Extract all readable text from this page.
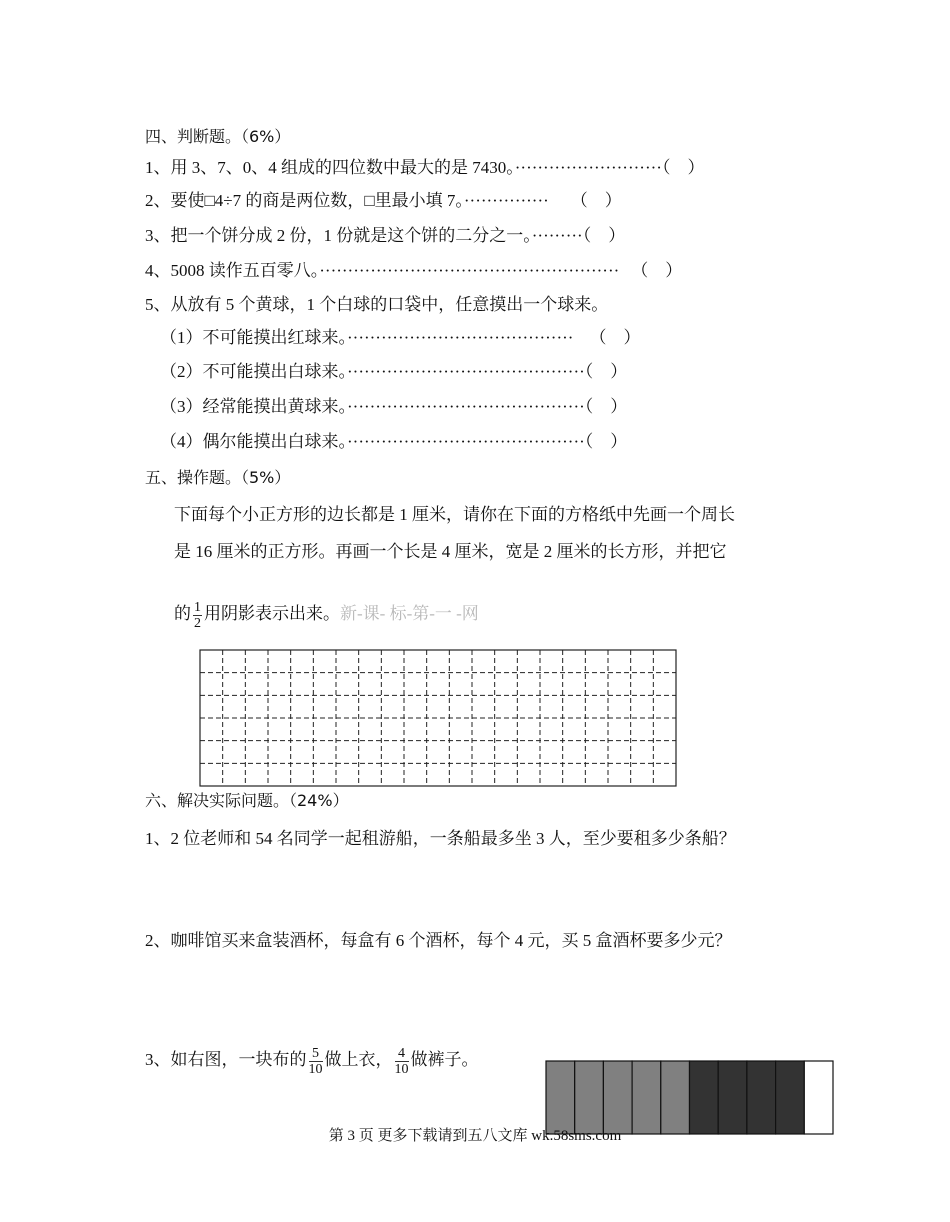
四、判断题。（6%）
1、用 3、7、0、4 组成的四位数中最大的是 7430。··························（　）
2、要使□4÷7 的商是两位数，□里最小填 7。··············· （　）
3、把一个饼分成 2 份，1 份就是这个饼的二分之一。·········（　）
4、5008 读作五百零八。····················································· （　）
5、从放有 5 个黄球，1 个白球的口袋中，任意摸出一个球来。
（1）不可能摸出红球来。········································ （　）
（2）不可能摸出白球来。··········································（　）
（3）经常能摸出黄球来。··········································（　）
（4）偶尔能摸出白球来。··········································（　）
五、操作题。（5%）
下面每个小正方形的边长都是 1 厘米，请你在下面的方格纸中先画一个周长
是 16 厘米的正方形。再画一个长是 4 厘米，宽是 2 厘米的长方形，并把它
的 $\frac{1}{2}$ 用阴影表示出来。新-课- 标-第-一 -网
六、解决实际问题。（24%）
1、2 位老师和 54 名同学一起租游船，一条船最多坐 3 人，至少要租多少条船？
2、咖啡馆买来盒装酒杯，每盒有 6 个酒杯，每个 4 元，买 5 盒酒杯要多少元？
3、如右图，一块布的 $\frac{5}{10}$ 做上衣， $\frac{4}{10}$ 做裤子。
第 3 页 更多下载请到五八文库 wk.58sms.com
